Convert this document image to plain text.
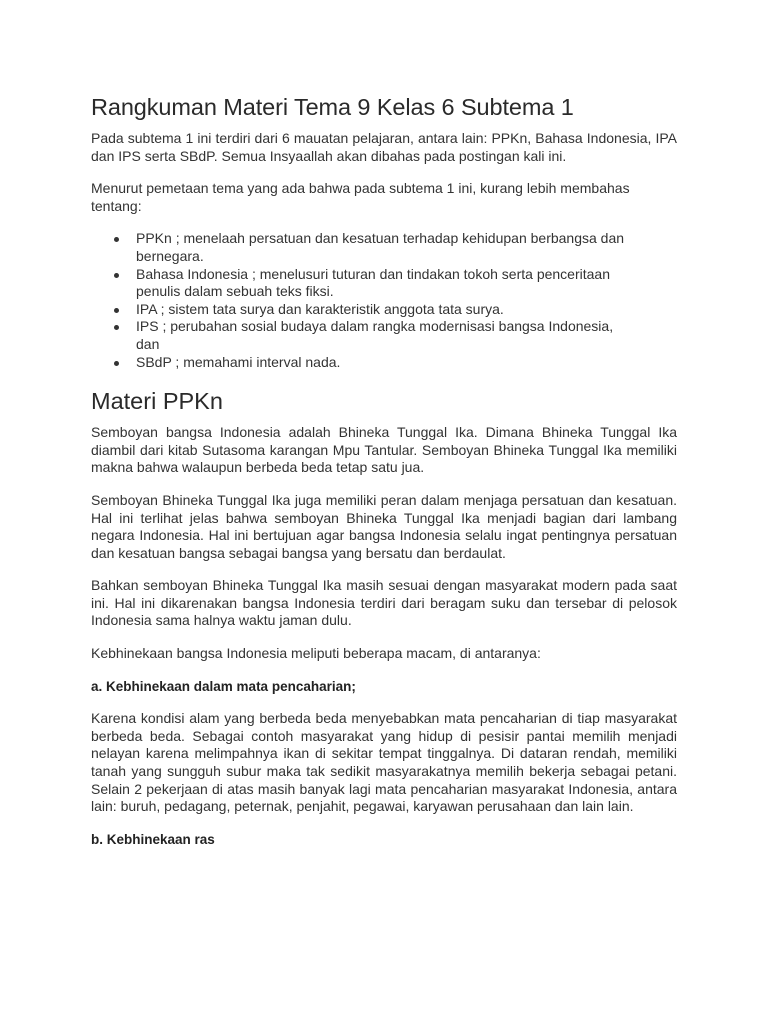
Rangkuman Materi Tema 9 Kelas 6 Subtema 1

Pada subtema 1 ini terdiri dari 6 mauatan pelajaran, antara lain: PPKn, Bahasa Indonesia, IPA dan IPS serta SBdP. Semua Insyaallah akan dibahas pada postingan kali ini.

Menurut pemetaan tema yang ada bahwa pada subtema 1 ini, kurang lebih membahas tentang:

PPKn ; menelaah persatuan dan kesatuan terhadap kehidupan berbangsa dan bernegara.
Bahasa Indonesia ; menelusuri tuturan dan tindakan tokoh serta penceritaan penulis dalam sebuah teks fiksi.
IPA ; sistem tata surya dan karakteristik anggota tata surya.
IPS ; perubahan sosial budaya dalam rangka modernisasi bangsa Indonesia, dan
SBdP ; memahami interval nada.
Materi PPKn

Semboyan bangsa Indonesia adalah Bhineka Tunggal Ika. Dimana Bhineka Tunggal Ika diambil dari kitab Sutasoma karangan Mpu Tantular. Semboyan Bhineka Tunggal Ika memiliki makna bahwa walaupun berbeda beda tetap satu jua.

Semboyan Bhineka Tunggal Ika juga memiliki peran dalam menjaga persatuan dan kesatuan. Hal ini terlihat jelas bahwa semboyan Bhineka Tunggal Ika menjadi bagian dari lambang negara Indonesia. Hal ini bertujuan agar bangsa Indonesia selalu ingat pentingnya persatuan dan kesatuan bangsa sebagai bangsa yang bersatu dan berdaulat.

Bahkan semboyan Bhineka Tunggal Ika masih sesuai dengan masyarakat modern pada saat ini. Hal ini dikarenakan bangsa Indonesia terdiri dari beragam suku dan tersebar di pelosok Indonesia sama halnya waktu jaman dulu.

Kebhinekaan bangsa Indonesia meliputi beberapa macam, di antaranya:

a. Kebhinekaan dalam mata pencaharian;

Karena kondisi alam yang berbeda beda menyebabkan mata pencaharian di tiap masyarakat berbeda beda. Sebagai contoh masyarakat yang hidup di pesisir pantai memilih menjadi nelayan karena melimpahnya ikan di sekitar tempat tinggalnya. Di dataran rendah, memiliki tanah yang sungguh subur maka tak sedikit masyarakatnya memilih bekerja sebagai petani. Selain 2 pekerjaan di atas masih banyak lagi mata pencaharian masyarakat Indonesia, antara lain: buruh, pedagang, peternak, penjahit, pegawai, karyawan perusahaan dan lain lain.

b. Kebhinekaan ras
